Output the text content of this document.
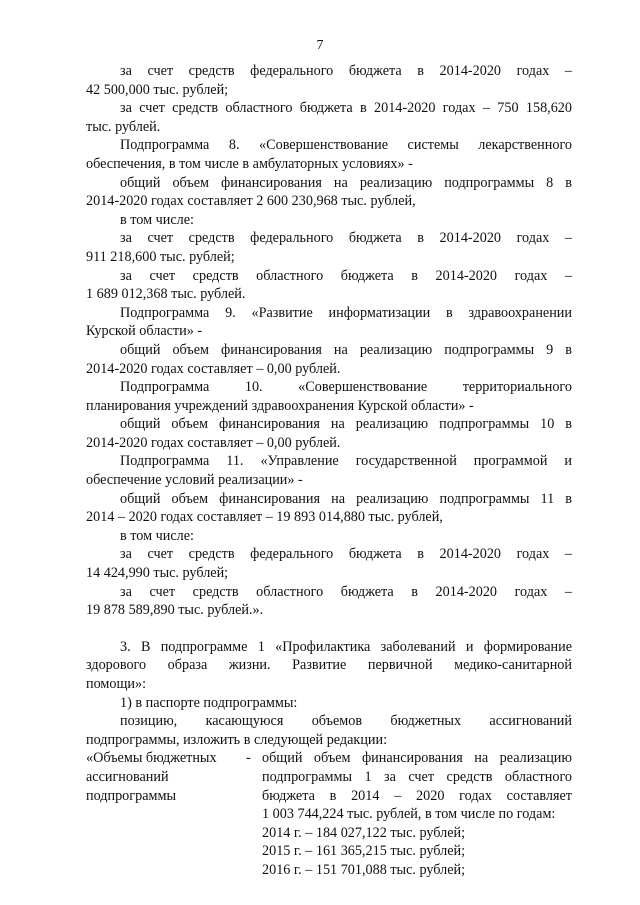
7

за счет средств федерального бюджета в 2014-2020 годах –

42 500,000 тыс. рублей;

за счет средств областного бюджета в 2014-2020 годах – 750 158,620

тыс. рублей.

Подпрограмма 8. «Совершенствование системы лекарственного

обеспечения, в том числе в амбулаторных условиях» -

общий объем финансирования на реализацию подпрограммы 8 в

2014-2020 годах составляет 2 600 230,968 тыс. рублей,

в том числе:

за счет средств федерального бюджета в 2014-2020 годах –

911 218,600 тыс. рублей;

за счет средств областного бюджета в 2014-2020 годах –

1 689 012,368 тыс. рублей.

Подпрограмма 9. «Развитие информатизации в здравоохранении

Курской области» -

общий объем финансирования на реализацию подпрограммы 9 в

2014-2020 годах составляет – 0,00 рублей.

Подпрограмма 10. «Совершенствование территориального

планирования учреждений здравоохранения Курской области» -

общий объем финансирования на реализацию подпрограммы 10 в

2014-2020 годах составляет – 0,00 рублей.

Подпрограмма 11. «Управление государственной программой и

обеспечение условий реализации» -

общий объем финансирования на реализацию подпрограммы 11 в

2014 – 2020 годах составляет – 19 893 014,880 тыс. рублей,

в том числе:

за счет средств федерального бюджета в 2014-2020 годах –

14 424,990 тыс. рублей;

за счет средств областного бюджета в 2014-2020 годах –

19 878 589,890 тыс. рублей.».

3. В подпрограмме 1 «Профилактика заболеваний и формирование

здорового образа жизни. Развитие первичной медико-санитарной

помощи»:

1) в паспорте подпрограммы:

позицию, касающуюся объемов бюджетных ассигнований

подпрограммы, изложить в следующей редакции:

«Объемы бюджетных

ассигнований

подпрограммы

- общий объем финансирования на реализацию

подпрограммы 1 за счет средств областного

бюджета в 2014 – 2020 годах составляет

1 003 744,224 тыс. рублей, в том числе по годам:

2014 г. – 184 027,122 тыс. рублей;

2015 г. – 161 365,215 тыс. рублей;

2016 г. – 151 701,088 тыс. рублей;
